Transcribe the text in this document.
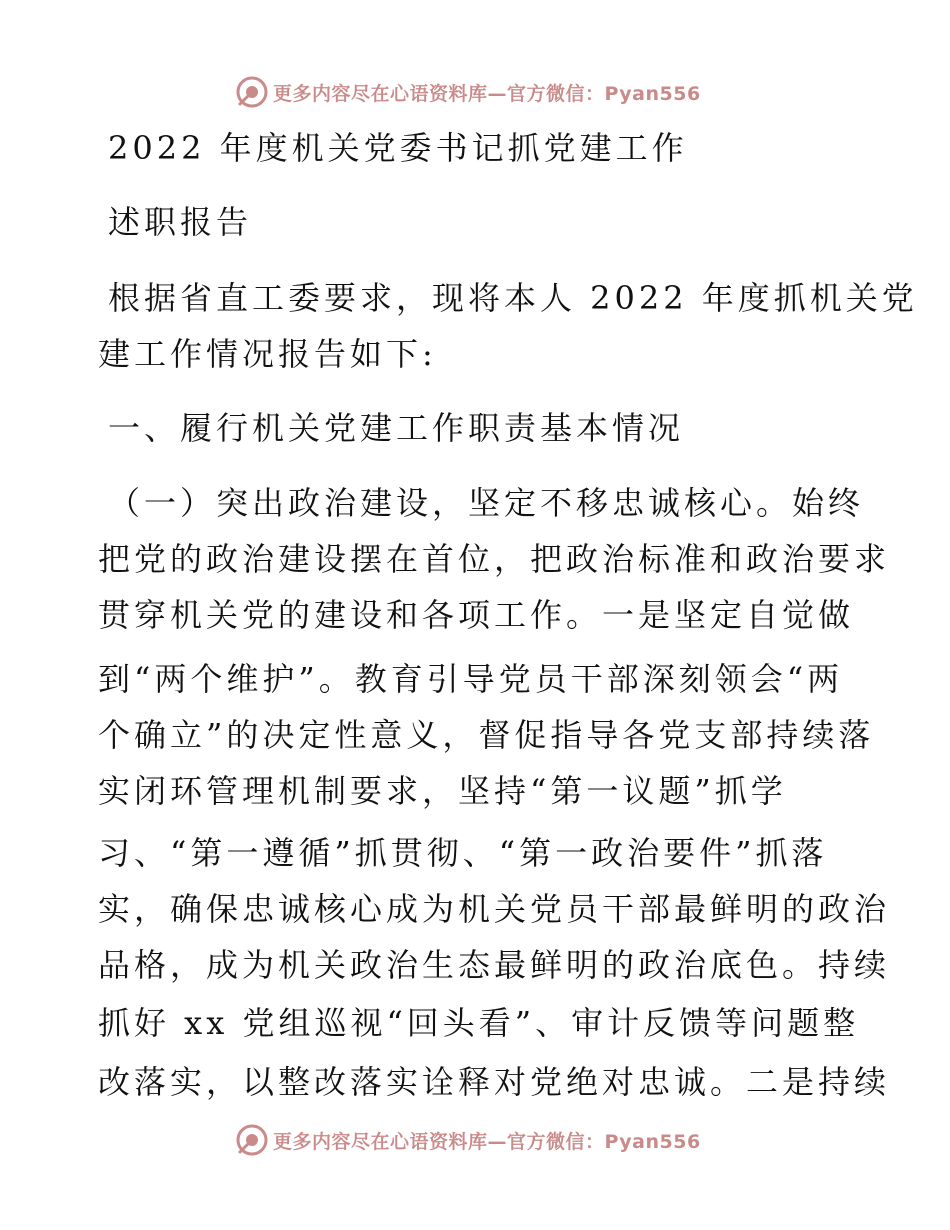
更多内容尽在心语资料库—官方微信：Pyan556
2022 年度机关党委书记抓党建工作
述职报告
根据省直工委要求，现将本人 2022 年度抓机关党
建工作情况报告如下:
一、履行机关党建工作职责基本情况
（一）突出政治建设，坚定不移忠诚核心。始终
把党的政治建设摆在首位，把政治标准和政治要求
贯穿机关党的建设和各项工作。一是坚定自觉做
到“两个维护”。教育引导党员干部深刻领会“两
个确立”的决定性意义，督促指导各党支部持续落
实闭环管理机制要求，坚持“第一议题”抓学
习、“第一遵循”抓贯彻、“第一政治要件”抓落
实，确保忠诚核心成为机关党员干部最鲜明的政治
品格，成为机关政治生态最鲜明的政治底色。持续
抓好 xx 党组巡视“回头看”、审计反馈等问题整
改落实，以整改落实诠释对党绝对忠诚。二是持续
更多内容尽在心语资料库—官方微信：Pyan556
